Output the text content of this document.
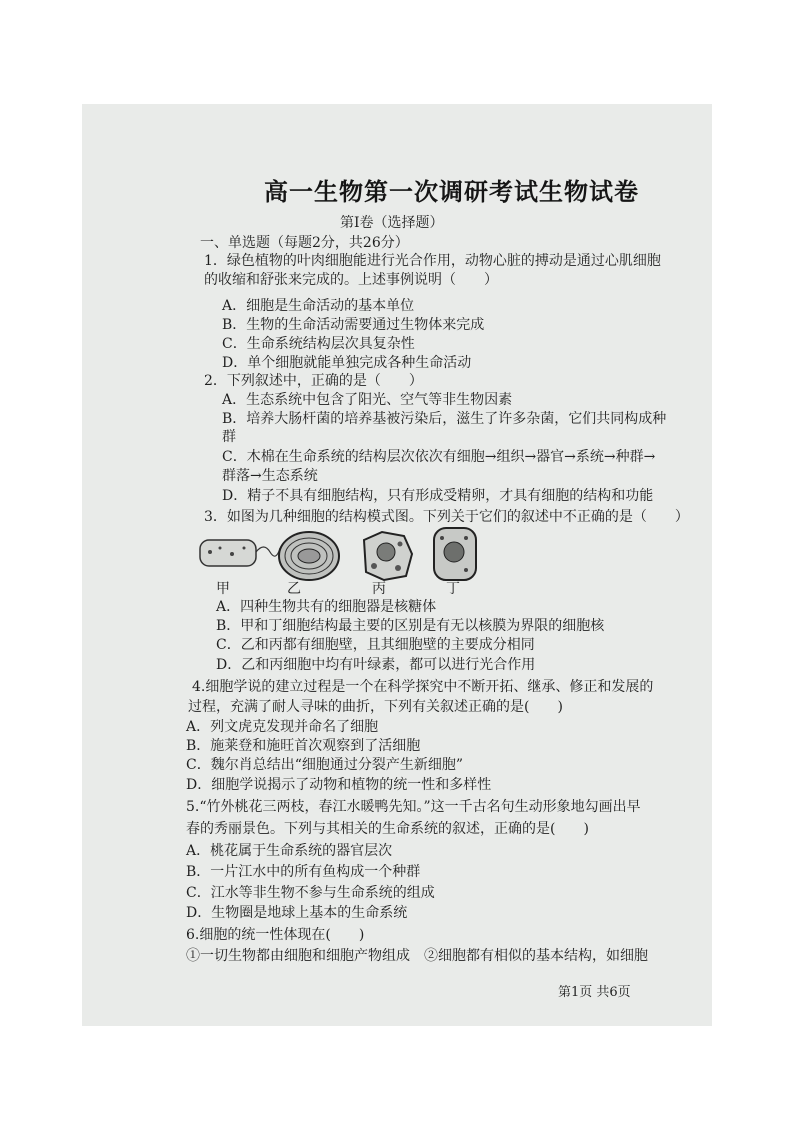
高一生物第一次调研考试生物试卷
第Ⅰ卷（选择题）
一、单选题（每题2分，共26分）
1．绿色植物的叶肉细胞能进行光合作用，动物心脏的搏动是通过心肌细胞
的收缩和舒张来完成的。上述事例说明（　　）
A．细胞是生命活动的基本单位
B．生物的生命活动需要通过生物体来完成
C．生命系统结构层次具复杂性
D．单个细胞就能单独完成各种生命活动
2．下列叙述中，正确的是（　　）
A．生态系统中包含了阳光、空气等非生物因素
B．培养大肠杆菌的培养基被污染后，滋生了许多杂菌，它们共同构成种
群
C．木棉在生命系统的结构层次依次有细胞→组织→器官→系统→种群→
群落→生态系统
D．精子不具有细胞结构，只有形成受精卵，才具有细胞的结构和功能
3．如图为几种细胞的结构模式图。下列关于它们的叙述中不正确的是（　　）
甲	乙	丙	丁
A．四种生物共有的细胞器是核糖体
B．甲和丁细胞结构最主要的区别是有无以核膜为界限的细胞核
C．乙和丙都有细胞壁，且其细胞壁的主要成分相同
D．乙和丙细胞中均有叶绿素，都可以进行光合作用
4.细胞学说的建立过程是一个在科学探究中不断开拓、继承、修正和发展的
过程，充满了耐人寻味的曲折，下列有关叙述正确的是(　　)
A．列文虎克发现并命名了细胞
B．施莱登和施旺首次观察到了活细胞
C．魏尔肖总结出“细胞通过分裂产生新细胞”
D．细胞学说揭示了动物和植物的统一性和多样性
5.“竹外桃花三两枝，春江水暖鸭先知。”这一千古名句生动形象地勾画出早
春的秀丽景色。下列与其相关的生命系统的叙述，正确的是(　　)
A．桃花属于生命系统的器官层次
B．一片江水中的所有鱼构成一个种群
C．江水等非生物不参与生命系统的组成
D．生物圈是地球上基本的生命系统
6.细胞的统一性体现在(　　)
①一切生物都由细胞和细胞产物组成　②细胞都有相似的基本结构，如细胞
第1页 共6页
